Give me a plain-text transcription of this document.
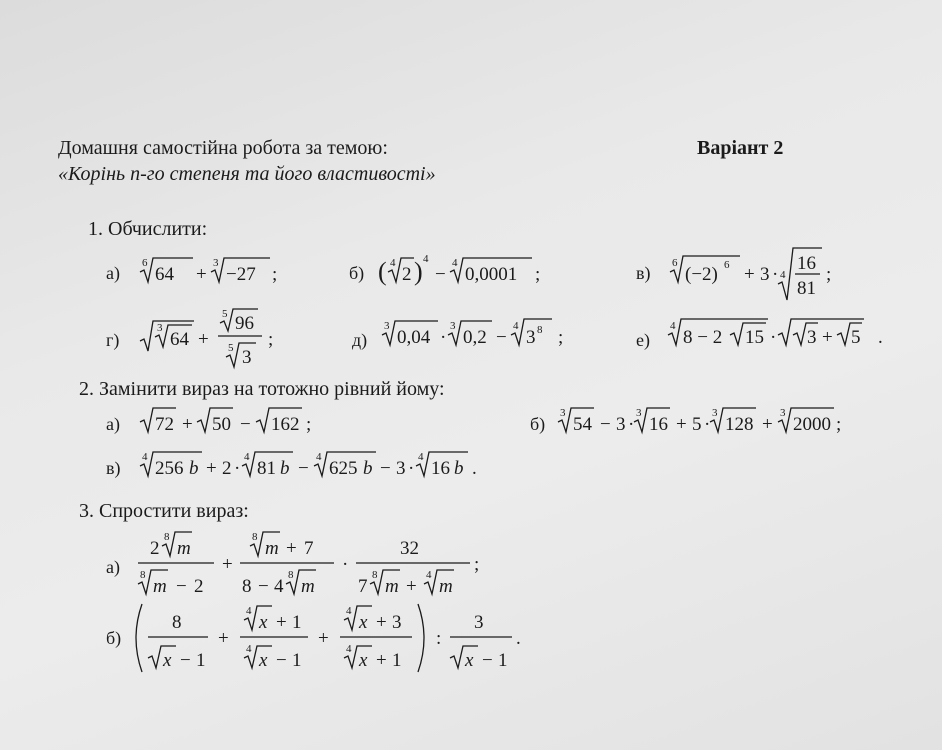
Домашня самостійна робота за темою:
«Корінь n-го степеня та його властивості»
Варіант 2
1. Обчислити:
а) 6
64 +
3
−27 ;	б) ( 4
2 ) 4
−
4
0,0001 ;	в) 6
(−2) 6 + 3 · 4
16
81
;
г)
3
64 +
5 96
5 3
;	д)
3
0,04 ·
3
0,2 −
4
3 8 ;	е)
4
8 − 2 15 · 3 + 5 .
2. Замінити вираз на тотожно рівний йому:
а) 72 + 50 − 162 ;	б)
3
54 − 3 ·
3
16 + 5 ·
3
128 +
3
2000 ;
в)
4
256 b + 2 ·
4
81 b −
4
625 b − 3 ·
4
16 b .
3. Спростити вираз:
а)
2
8
m
8
m − 2
+
8
m + 7
8 − 4
8
m
·
32
7
8
m +
4
m
;
б)
8
x − 1
+
4
x + 1
4
x − 1
+
4
x + 3
4
x + 1
:
3
x − 1
.
